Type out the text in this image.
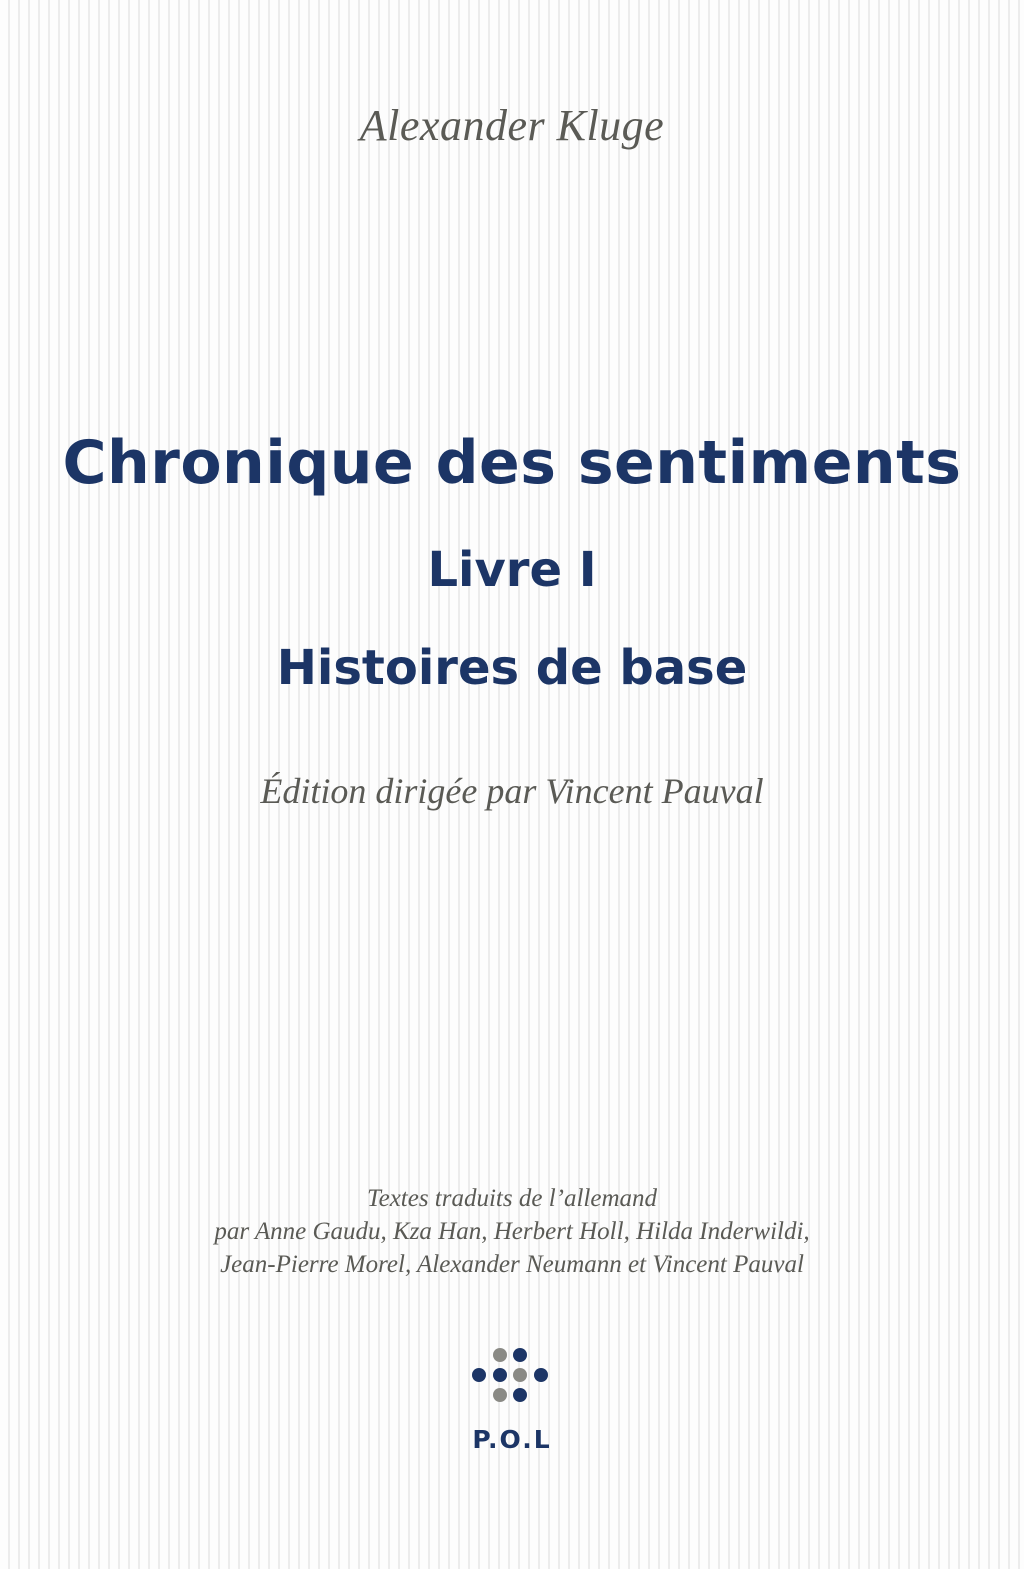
Alexander Kluge
Chronique des sentiments
Livre I
Histoires de base
Édition dirigée par Vincent Pauval
Textes traduits de l’allemand
par Anne Gaudu, Kza Han, Herbert Holl, Hilda Inderwildi,
Jean-Pierre Morel, Alexander Neumann et Vincent Pauval
P.O.L
